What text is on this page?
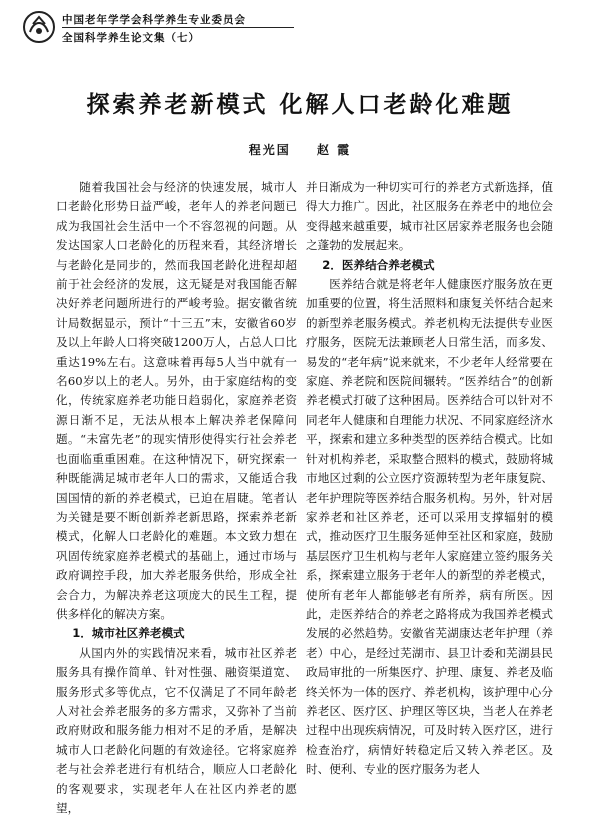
中国老年学学会科学养生专业委员会
全国科学养生论文集（七）
探索养老新模式 化解人口老龄化难题
程光国 赵 霞

随着我国社会与经济的快速发展，城市人口老龄化形势日益严峻，老年人的养老问题已成为我国社会生活中一个不容忽视的问题。从发达国家人口老龄化的历程来看，其经济增长与老龄化是同步的，然而我国老龄化进程却超前于社会经济的发展，这无疑是对我国能否解决好养老问题所进行的严峻考验。据安徽省统计局数据显示，预计“十三五”末，安徽省60岁及以上年龄人口将突破1200万人，占总人口比重达19%左右。这意味着再每5人当中就有一名60岁以上的老人。另外，由于家庭结构的变化，传统家庭养老功能日趋弱化，家庭养老资源日渐不足，无法从根本上解决养老保障问题。“未富先老”的现实情形使得实行社会养老也面临重重困难。在这种情况下，研究探索一种既能满足城市老年人口的需求，又能适合我国国情的新的养老模式，已迫在眉睫。笔者认为关键是要不断创新养老新思路，探索养老新模式，化解人口老龄化的难题。本文致力想在巩固传统家庭养老模式的基础上，通过市场与政府调控手段，加大养老服务供给，形成全社会合力，为解决养老这项庞大的民生工程，提供多样化的解决方案。

1．城市社区养老模式

从国内外的实践情况来看，城市社区养老服务具有操作简单、针对性强、融资渠道宽、服务形式多等优点，它不仅满足了不同年龄老人对社会养老服务的多方需求，又弥补了当前政府财政和服务能力相对不足的矛盾，是解决城市人口老龄化问题的有效途径。它将家庭养老与社会养老进行有机结合，顺应人口老龄化的客观要求，实现老年人在社区内养老的愿望，

并日渐成为一种切实可行的养老方式新选择，值得大力推广。因此，社区服务在养老中的地位会变得越来越重要，城市社区居家养老服务也会随之蓬勃的发展起来。

2．医养结合养老模式

医养结合就是将老年人健康医疗服务放在更加重要的位置，将生活照料和康复关怀结合起来的新型养老服务模式。养老机构无法提供专业医疗服务，医院无法兼顾老人日常生活，而多发、易发的“老年病”说来就来，不少老年人经常要在家庭、养老院和医院间辗转。“医养结合”的创新养老模式打破了这种困局。医养结合可以针对不同老年人健康和自理能力状况、不同家庭经济水平，探索和建立多种类型的医养结合模式。比如针对机构养老，采取整合照料的模式，鼓励将城市地区过剩的公立医疗资源转型为老年康复院、老年护理院等医养结合服务机构。另外，针对居家养老和社区养老，还可以采用支撑辐射的模式，推动医疗卫生服务延伸至社区和家庭，鼓励基层医疗卫生机构与老年人家庭建立签约服务关系，探索建立服务于老年人的新型的养老模式，使所有老年人都能够老有所养，病有所医。因此，走医养结合的养老之路将成为我国养老模式发展的必然趋势。安徽省芜湖康达老年护理（养老）中心，是经过芜湖市、县卫计委和芜湖县民政局审批的一所集医疗、护理、康复、养老及临终关怀为一体的医疗、养老机构，该护理中心分养老区、医疗区、护理区等区块，当老人在养老过程中出现疾病情况，可及时转入医疗区，进行检查治疗，病情好转稳定后又转入养老区。及时、便利、专业的医疗服务为老人
